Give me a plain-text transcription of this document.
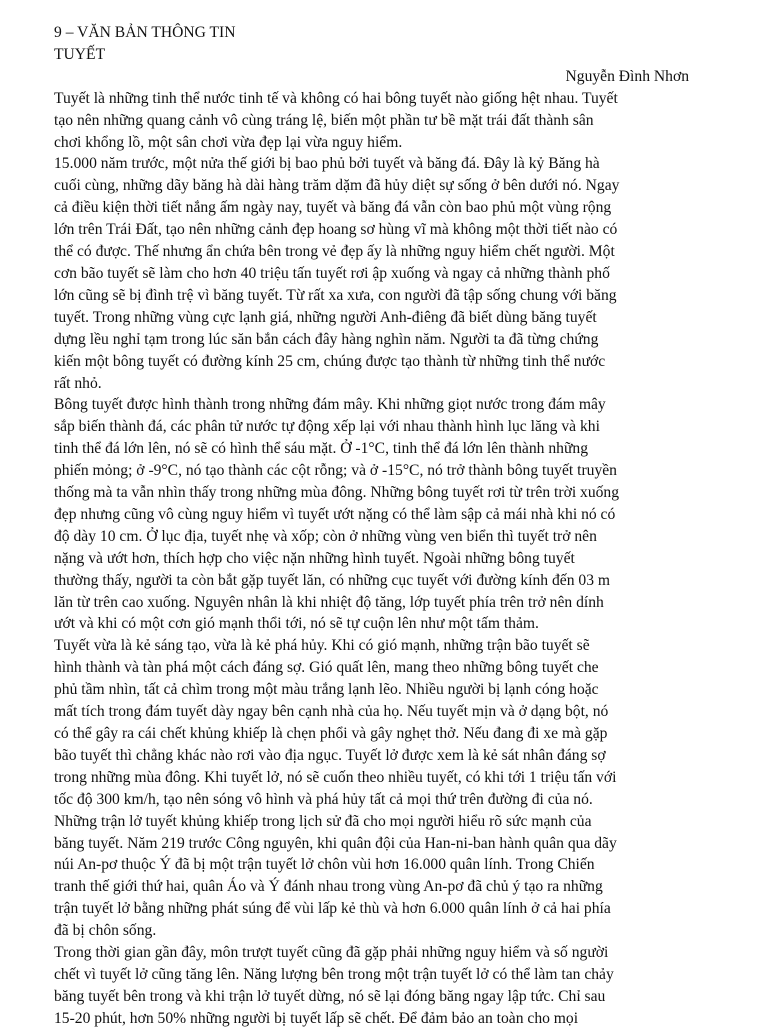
9 – VĂN BẢN THÔNG TIN
TUYẾT
Nguyễn Đình Nhơn
Tuyết là những tinh thể nước tinh tế và không có hai bông tuyết nào giống hệt nhau. Tuyết
tạo nên những quang cảnh vô cùng tráng lệ, biến một phần tư bề mặt trái đất thành sân
chơi khổng lồ, một sân chơi vừa đẹp lại vừa nguy hiểm.
15.000 năm trước, một nửa thế giới bị bao phủ bởi tuyết và băng đá. Đây là kỷ Băng hà
cuối cùng, những dãy băng hà dài hàng trăm dặm đã hủy diệt sự sống ở bên dưới nó. Ngay
cả điều kiện thời tiết nắng ấm ngày nay, tuyết và băng đá vẫn còn bao phủ một vùng rộng
lớn trên Trái Đất, tạo nên những cảnh đẹp hoang sơ hùng vĩ mà không một thời tiết nào có
thể có được. Thế nhưng ẩn chứa bên trong vẻ đẹp ấy là những nguy hiểm chết người. Một
cơn bão tuyết sẽ làm cho hơn 40 triệu tấn tuyết rơi ập xuống và ngay cả những thành phố
lớn cũng sẽ bị đình trệ vì băng tuyết. Từ rất xa xưa, con người đã tập sống chung với băng
tuyết. Trong những vùng cực lạnh giá, những người Anh-điêng đã biết dùng băng tuyết
dựng lều nghỉ tạm trong lúc săn bắn cách đây hàng nghìn năm. Người ta đã từng chứng
kiến một bông tuyết có đường kính 25 cm, chúng được tạo thành từ những tinh thể nước
rất nhỏ.
Bông tuyết được hình thành trong những đám mây. Khi những giọt nước trong đám mây
sắp biến thành đá, các phân tử nước tự động xếp lại với nhau thành hình lục lăng và khi
tinh thể đá lớn lên, nó sẽ có hình thể sáu mặt. Ở -1°C, tinh thể đá lớn lên thành những
phiến mỏng; ở -9°C, nó tạo thành các cột rỗng; và ở -15°C, nó trở thành bông tuyết truyền
thống mà ta vẫn nhìn thấy trong những mùa đông. Những bông tuyết rơi từ trên trời xuống
đẹp nhưng cũng vô cùng nguy hiểm vì tuyết ướt nặng có thể làm sập cả mái nhà khi nó có
độ dày 10 cm. Ở lục địa, tuyết nhẹ và xốp; còn ở những vùng ven biển thì tuyết trở nên
nặng và ướt hơn, thích hợp cho việc nặn những hình tuyết. Ngoài những bông tuyết
thường thấy, người ta còn bắt gặp tuyết lăn, có những cục tuyết với đường kính đến 03 m
lăn từ trên cao xuống. Nguyên nhân là khi nhiệt độ tăng, lớp tuyết phía trên trở nên dính
ướt và khi có một cơn gió mạnh thổi tới, nó sẽ tự cuộn lên như một tấm thảm.
Tuyết vừa là kẻ sáng tạo, vừa là kẻ phá hủy. Khi có gió mạnh, những trận bão tuyết sẽ
hình thành và tàn phá một cách đáng sợ. Gió quất lên, mang theo những bông tuyết che
phủ tầm nhìn, tất cả chìm trong một màu trắng lạnh lẽo. Nhiều người bị lạnh cóng hoặc
mất tích trong đám tuyết dày ngay bên cạnh nhà của họ. Nếu tuyết mịn và ở dạng bột, nó
có thể gây ra cái chết khủng khiếp là chẹn phổi và gây nghẹt thở. Nếu đang đi xe mà gặp
bão tuyết thì chẳng khác nào rơi vào địa ngục. Tuyết lở được xem là kẻ sát nhân đáng sợ
trong những mùa đông. Khi tuyết lở, nó sẽ cuốn theo nhiều tuyết, có khi tới 1 triệu tấn với
tốc độ 300 km/h, tạo nên sóng vô hình và phá hủy tất cả mọi thứ trên đường đi của nó.
Những trận lở tuyết khủng khiếp trong lịch sử đã cho mọi người hiểu rõ sức mạnh của
băng tuyết. Năm 219 trước Công nguyên, khi quân đội của Han-ni-ban hành quân qua dãy
núi An-pơ thuộc Ý đã bị một trận tuyết lở chôn vùi hơn 16.000 quân lính. Trong Chiến
tranh thế giới thứ hai, quân Áo và Ý đánh nhau trong vùng An-pơ đã chủ ý tạo ra những
trận tuyết lở bằng những phát súng để vùi lấp kẻ thù và hơn 6.000 quân lính ở cả hai phía
đã bị chôn sống.
Trong thời gian gần đây, môn trượt tuyết cũng đã gặp phải những nguy hiểm và số người
chết vì tuyết lở cũng tăng lên. Năng lượng bên trong một trận tuyết lở có thể làm tan chảy
băng tuyết bên trong và khi trận lở tuyết dừng, nó sẽ lại đóng băng ngay lập tức. Chỉ sau
15-20 phút, hơn 50% những người bị tuyết lấp sẽ chết. Để đảm bảo an toàn cho mọi
